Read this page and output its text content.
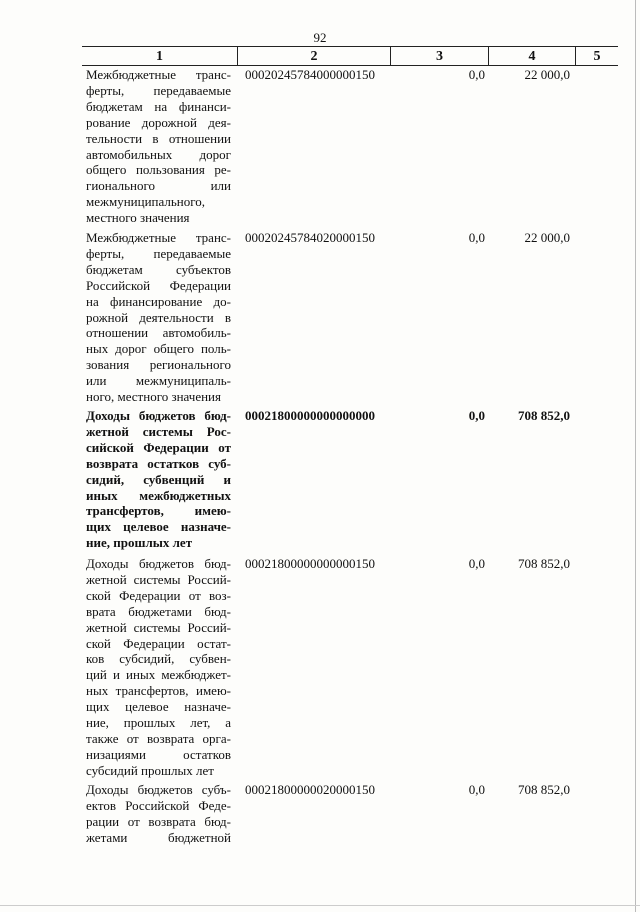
92
1	2	3	4	5
Межбюджетные транс-
ферты, передаваемые
бюджетам на финанси-
рование дорожной дея-
тельности в отношении
автомобильных дорог
общего пользования ре-
гионального или
межмуниципального,
местного значения
00020245784000000150	0,0	22 000,0
Межбюджетные транс-
ферты, передаваемые
бюджетам субъектов
Российской Федерации
на финансирование до-
рожной деятельности в
отношении автомобиль-
ных дорог общего поль-
зования регионального
или межмуниципаль-
ного, местного значения
00020245784020000150	0,0	22 000,0
Доходы бюджетов бюд-
жетной системы Рос-
сийской Федерации от
возврата остатков суб-
сидий, субвенций и
иных межбюджетных
трансфертов, имею-
щих целевое назначе-
ние, прошлых лет
00021800000000000000	0,0	708 852,0
Доходы бюджетов бюд-
жетной системы Россий-
ской Федерации от воз-
врата бюджетами бюд-
жетной системы Россий-
ской Федерации остат-
ков субсидий, субвен-
ций и иных межбюджет-
ных трансфертов, имею-
щих целевое назначе-
ние, прошлых лет, а
также от возврата орга-
низациями остатков
субсидий прошлых лет
00021800000000000150	0,0	708 852,0
Доходы бюджетов субъ-
ектов Российской Феде-
рации от возврата бюд-
жетами бюджетной
00021800000020000150	0,0	708 852,0
